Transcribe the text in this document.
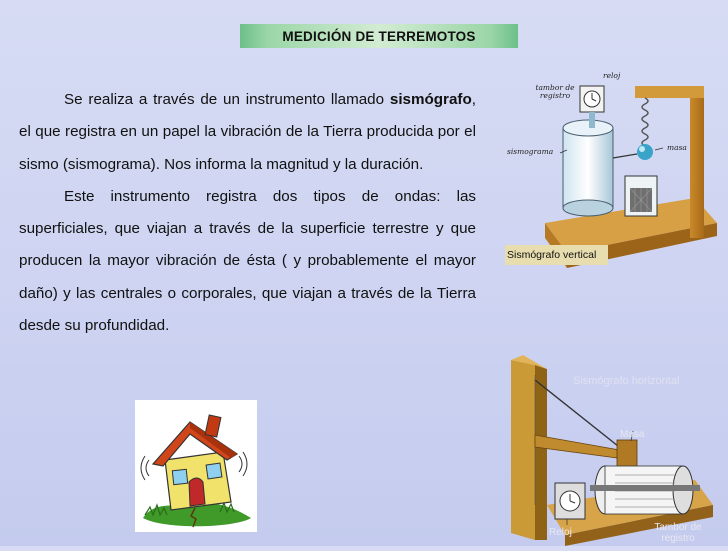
MEDICIÓN DE TERREMOTOS

Se realiza a través de un instrumento llamado sismógrafo, el que registra en un papel la vibración de la Tierra producida por el sismo (sismograma). Nos informa la magnitud y la duración.

Este instrumento registra dos tipos de ondas: las superficiales, que viajan a través de la superficie terrestre y que producen la mayor vibración de ésta ( y probablemente el mayor daño) y las centrales o corporales, que viajan a través de la Tierra desde su profundidad.

reloj
tambor de registro
sismograma	masa
Sismógrafo vertical
Sismógrafo horizontal
Masa
Reloj	Tambor de registro
